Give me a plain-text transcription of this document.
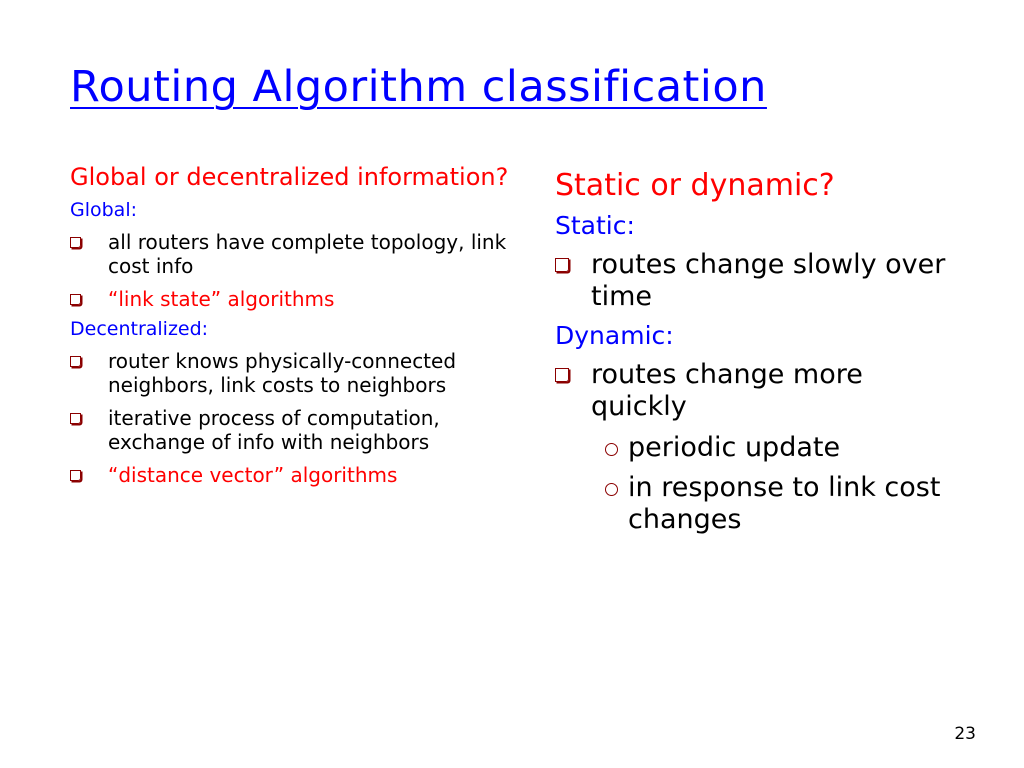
Routing Algorithm classification
Global or decentralized information?
Global:
all routers have complete topology, link cost info
“link state” algorithms
Decentralized:
router knows physically-connected neighbors, link costs to neighbors
iterative process of computation, exchange of info with neighbors
“distance vector” algorithms
Static or dynamic?
Static:
routes change slowly over time
Dynamic:
routes change more quickly
periodic update
in response to link cost changes
23
